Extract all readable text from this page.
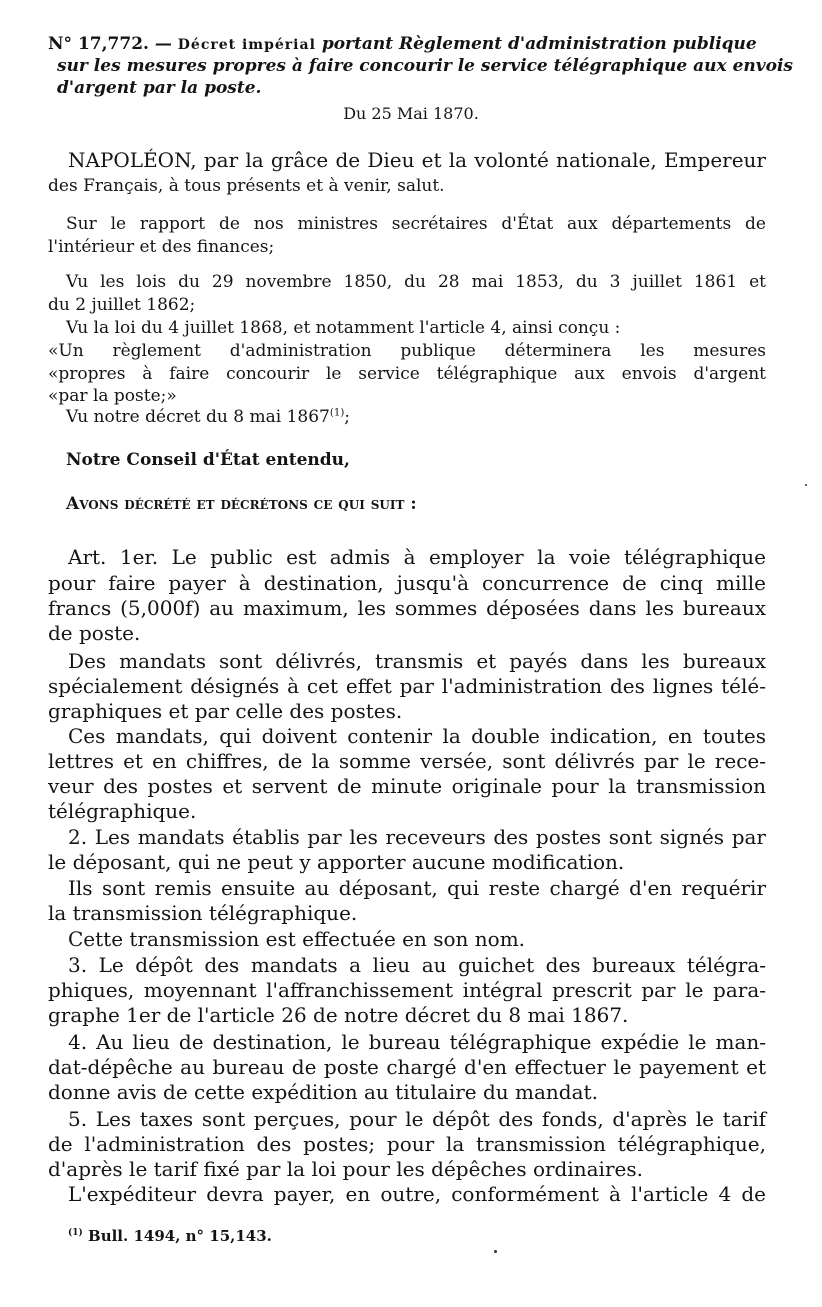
N° 17,772. — Décret impérial portant Règlement d'administration publique
sur les mesures propres à faire concourir le service télégraphique aux envois
d'argent par la poste.
Du 25 Mai 1870.
NAPOLÉON, par la grâce de Dieu et la volonté nationale, Empereur
des Français, à tous présents et à venir, salut.
Sur le rapport de nos ministres secrétaires d'État aux départements de
l'intérieur et des finances;
Vu les lois du 29 novembre 1850, du 28 mai 1853, du 3 juillet 1861 et
du 2 juillet 1862;
Vu la loi du 4 juillet 1868, et notamment l'article 4, ainsi conçu :
«Un règlement d'administration publique déterminera les mesures
«propres à faire concourir le service télégraphique aux envois d'argent
«par la poste;»
Vu notre décret du 8 mai 1867$^{(1)}$;
Notre Conseil d'État entendu,
Avons décrété et décrétons ce qui suit :
Art. 1er. Le public est admis à employer la voie télégraphique
pour faire payer à destination, jusqu'à concurrence de cinq mille
francs (5,000f) au maximum, les sommes déposées dans les bureaux
de poste.
Des mandats sont délivrés, transmis et payés dans les bureaux
spécialement désignés à cet effet par l'administration des lignes télé-
graphiques et par celle des postes.
Ces mandats, qui doivent contenir la double indication, en toutes
lettres et en chiffres, de la somme versée, sont délivrés par le rece-
veur des postes et servent de minute originale pour la transmission
télégraphique.
2. Les mandats établis par les receveurs des postes sont signés par
le déposant, qui ne peut y apporter aucune modification.
Ils sont remis ensuite au déposant, qui reste chargé d'en requérir
la transmission télégraphique.
Cette transmission est effectuée en son nom.
3. Le dépôt des mandats a lieu au guichet des bureaux télégra-
phiques, moyennant l'affranchissement intégral prescrit par le para-
graphe 1er de l'article 26 de notre décret du 8 mai 1867.
4. Au lieu de destination, le bureau télégraphique expédie le man-
dat-dépêche au bureau de poste chargé d'en effectuer le payement et
donne avis de cette expédition au titulaire du mandat.
5. Les taxes sont perçues, pour le dépôt des fonds, d'après le tarif
de l'administration des postes; pour la transmission télégraphique,
d'après le tarif fixé par la loi pour les dépêches ordinaires.
L'expéditeur devra payer, en outre, conformément à l'article 4 de
$^{(1)}$ Bull. 1494, n° 15,143.
